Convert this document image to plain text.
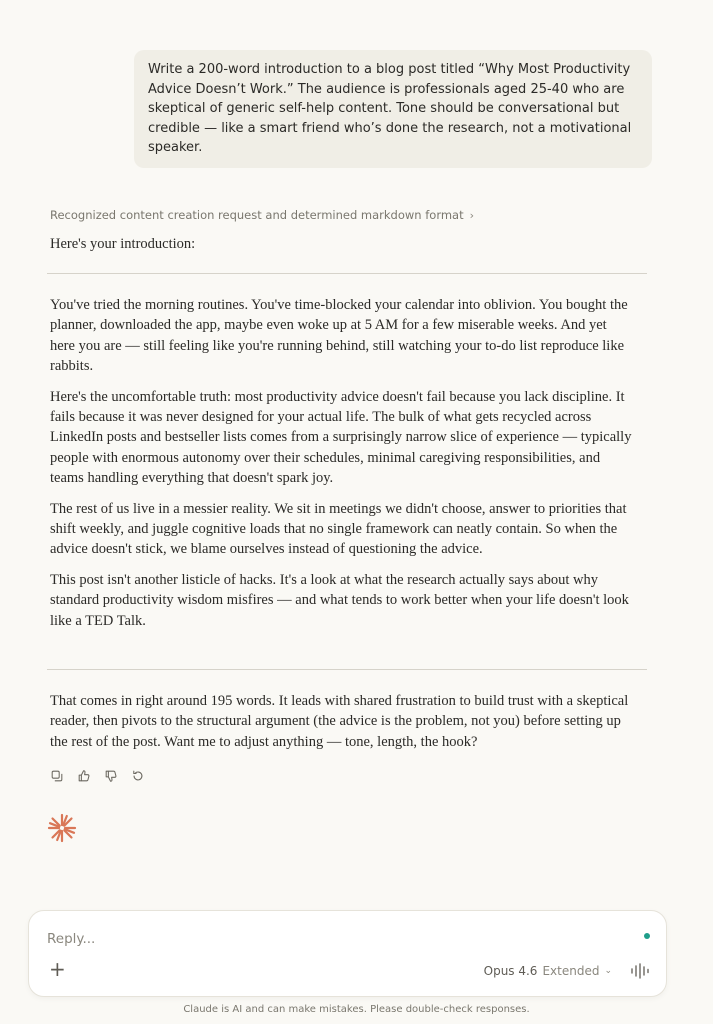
Write a 200-word introduction to a blog post titled “Why Most Productivity Advice Doesn’t Work.” The audience is professionals aged 25-40 who are skeptical of generic self-help content. Tone should be conversational but credible — like a smart friend who’s done the research, not a motivational speaker.
Recognized content creation request and determined markdown format ›
Here's your introduction:

You've tried the morning routines. You've time-blocked your calendar into oblivion. You bought the planner, downloaded the app, maybe even woke up at 5 AM for a few miserable weeks. And yet here you are — still feeling like you're running behind, still watching your to-do list reproduce like rabbits.

Here's the uncomfortable truth: most productivity advice doesn't fail because you lack discipline. It fails because it was never designed for your actual life. The bulk of what gets recycled across LinkedIn posts and bestseller lists comes from a surprisingly narrow slice of experience — typically people with enormous autonomy over their schedules, minimal caregiving responsibilities, and teams handling everything that doesn't spark joy.

The rest of us live in a messier reality. We sit in meetings we didn't choose, answer to priorities that shift weekly, and juggle cognitive loads that no single framework can neatly contain. So when the advice doesn't stick, we blame ourselves instead of questioning the advice.

This post isn't another listicle of hacks. It's a look at what the research actually says about why standard productivity wisdom misfires — and what tends to work better when your life doesn't look like a TED Talk.

That comes in right around 195 words. It leads with shared frustration to build trust with a skeptical reader, then pivots to the structural argument (the advice is the problem, not you) before setting up the rest of the post. Want me to adjust anything — tone, length, the hook?

Reply...
+	Opus 4.6 Extended ⌄
Claude is AI and can make mistakes. Please double-check responses.
